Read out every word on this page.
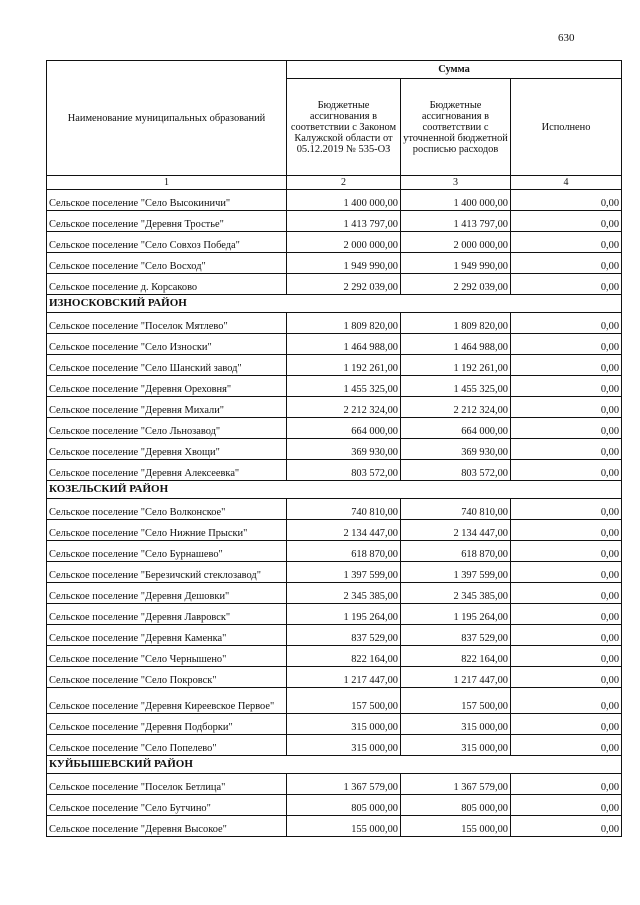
630
Наименование муниципальных образований	Сумма		
	Бюджетные ассигнования в соответствии с Законом Калужской области от 05.12.2019 № 535-ОЗ	Бюджетные ассигнования в соответствии с уточненной бюджетной росписью расходов	Исполнено
1	2	3	4
Сельское поселение "Село Высокиничи"	1 400 000,00	1 400 000,00	0,00
Сельское поселение "Деревня Тростье"	1 413 797,00	1 413 797,00	0,00
Сельское поселение "Село Совхоз Победа"	2 000 000,00	2 000 000,00	0,00
Сельское поселение "Село Восход"	1 949 990,00	1 949 990,00	0,00
Сельское поселение д. Корсаково	2 292 039,00	2 292 039,00	0,00
ИЗНОСКОВСКИЙ РАЙОН			
Сельское поселение "Поселок Мятлево"	1 809 820,00	1 809 820,00	0,00
Сельское поселение "Село Износки"	1 464 988,00	1 464 988,00	0,00
Сельское поселение "Село Шанский завод"	1 192 261,00	1 192 261,00	0,00
Сельское поселение "Деревня Ореховня"	1 455 325,00	1 455 325,00	0,00
Сельское поселение "Деревня Михали"	2 212 324,00	2 212 324,00	0,00
Сельское поселение "Село Льнозавод"	664 000,00	664 000,00	0,00
Сельское поселение "Деревня Хвощи"	369 930,00	369 930,00	0,00
Сельское поселение "Деревня Алексеевка"	803 572,00	803 572,00	0,00
КОЗЕЛЬСКИЙ РАЙОН			
Сельское поселение "Село Волконское"	740 810,00	740 810,00	0,00
Сельское поселение "Село Нижние Прыски"	2 134 447,00	2 134 447,00	0,00
Сельское поселение "Село Бурнашево"	618 870,00	618 870,00	0,00
Сельское поселение "Березичский стеклозавод"	1 397 599,00	1 397 599,00	0,00
Сельское поселение "Деревня Дешовки"	2 345 385,00	2 345 385,00	0,00
Сельское поселение "Деревня Лавровск"	1 195 264,00	1 195 264,00	0,00
Сельское поселение "Деревня Каменка"	837 529,00	837 529,00	0,00
Сельское поселение "Село Чернышено"	822 164,00	822 164,00	0,00
Сельское поселение "Село Покровск"	1 217 447,00	1 217 447,00	0,00
Сельское поселение "Деревня Киреевское Первое"	157 500,00	157 500,00	0,00
Сельское поселение "Деревня Подборки"	315 000,00	315 000,00	0,00
Сельское поселение "Село Попелево"	315 000,00	315 000,00	0,00
КУЙБЫШЕВСКИЙ РАЙОН			
Сельское поселение "Поселок Бетлица"	1 367 579,00	1 367 579,00	0,00
Сельское поселение "Село Бутчино"	805 000,00	805 000,00	0,00
Сельское поселение "Деревня Высокое"	155 000,00	155 000,00	0,00
